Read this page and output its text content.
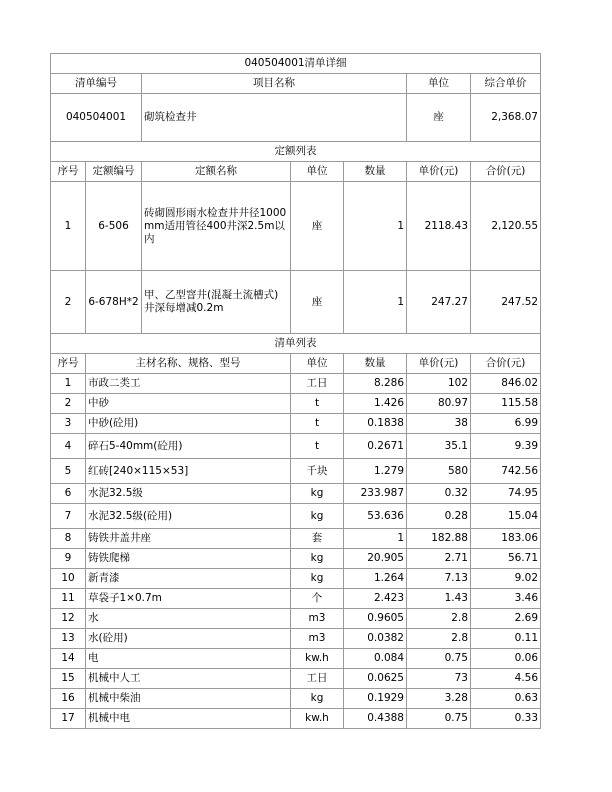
040504001清单详细			
清单编号	项目名称	单位	综合单价
040504001	砌筑检查井	座	2,368.07
定额列表						
序号	定额编号	定额名称	单位	数量	单价(元)	合价(元)
1	6-506	砖砌圆形雨水检查井井径1000mm适用管径400井深2.5m以内	座	1	2118.43	2,120.55
2	6-678H*2	甲、乙型窨井(混凝土流槽式)井深每增减0.2m	座	1	247.27	247.52
清单列表					
序号	主材名称、规格、型号	单位	数量	单价(元)	合价(元)
1	市政二类工	工日	8.286	102	846.02
2	中砂	t	1.426	80.97	115.58
3	中砂(砼用)	t	0.1838	38	6.99
4	碎石5-40mm(砼用)	t	0.2671	35.1	9.39
5	红砖[240×115×53]	千块	1.279	580	742.56
6	水泥32.5级	kg	233.987	0.32	74.95
7	水泥32.5级(砼用)	kg	53.636	0.28	15.04
8	铸铁井盖井座	套	1	182.88	183.06
9	铸铁爬梯	kg	20.905	2.71	56.71
10	新青漆	kg	1.264	7.13	9.02
11	草袋子1×0.7m	个	2.423	1.43	3.46
12	水	m3	0.9605	2.8	2.69
13	水(砼用)	m3	0.0382	2.8	0.11
14	电	kw.h	0.084	0.75	0.06
15	机械中人工	工日	0.0625	73	4.56
16	机械中柴油	kg	0.1929	3.28	0.63
17	机械中电	kw.h	0.4388	0.75	0.33
